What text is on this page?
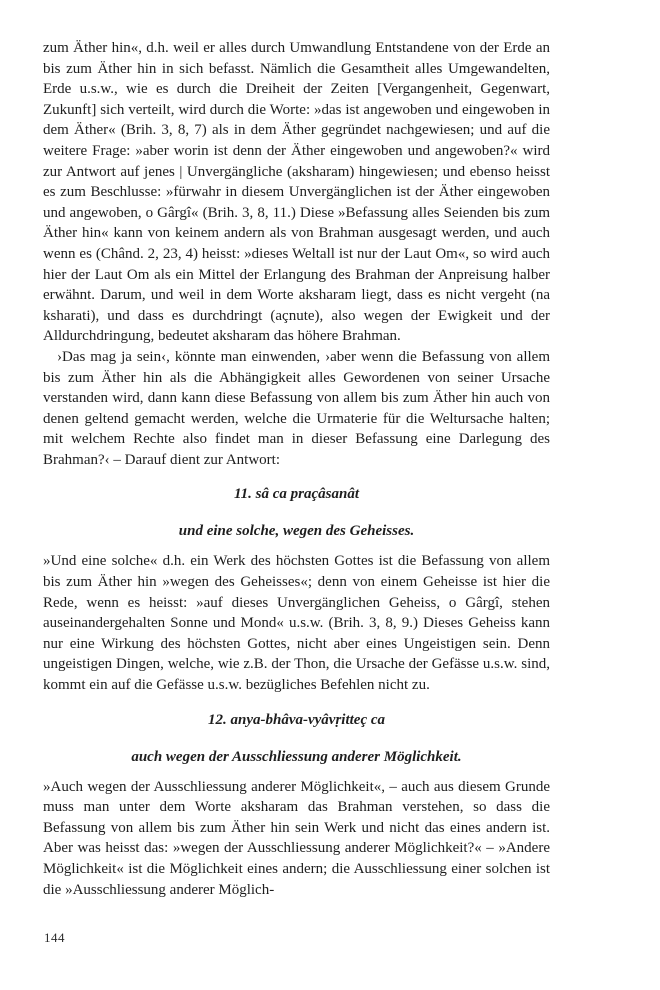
zum Äther hin«, d.h. weil er alles durch Umwandlung Entstandene von der Erde an bis zum Äther hin in sich befasst. Nämlich die Gesamtheit alles Umgewandelten, Erde u.s.w., wie es durch die Dreiheit der Zeiten [Vergangenheit, Gegenwart, Zukunft] sich verteilt, wird durch die Worte: »das ist angewoben und eingewoben in dem Äther« (Brih. 3, 8, 7) als in dem Äther gegründet nachgewiesen; und auf die weitere Frage: »aber worin ist denn der Äther eingewoben und angewoben?« wird zur Antwort auf jenes | Unvergängliche (aksharam) hingewiesen; und ebenso heisst es zum Beschlusse: »fürwahr in diesem Unvergänglichen ist der Äther eingewoben und angewoben, o Gârgî« (Brih. 3, 8, 11.) Diese »Befassung alles Seienden bis zum Äther hin« kann von keinem andern als von Brahman ausgesagt werden, und auch wenn es (Chând. 2, 23, 4) heisst: »dieses Weltall ist nur der Laut Om«, so wird auch hier der Laut Om als ein Mittel der Erlangung des Brahman der Anpreisung halber erwähnt. Darum, und weil in dem Worte aksharam liegt, dass es nicht vergeht (na ksharati), und dass es durchdringt (açnute), also wegen der Ewigkeit und der Alldurchdringung, bedeutet aksharam das höhere Brahman.

›Das mag ja sein‹, könnte man einwenden, ›aber wenn die Befassung von allem bis zum Äther hin als die Abhängigkeit alles Gewordenen von seiner Ursache verstanden wird, dann kann diese Befassung von allem bis zum Äther hin auch von denen geltend gemacht werden, welche die Urmaterie für die Weltursache halten; mit welchem Rechte also findet man in dieser Befassung eine Darlegung des Brahman?‹ – Darauf dient zur Antwort:

11. sâ ca praçâsanât
und eine solche, wegen des Geheisses.

»Und eine solche« d.h. ein Werk des höchsten Gottes ist die Befassung von allem bis zum Äther hin »wegen des Geheisses«; denn von einem Geheisse ist hier die Rede, wenn es heisst: »auf dieses Unvergänglichen Geheiss, o Gârgî, stehen auseinandergehalten Sonne und Mond« u.s.w. (Brih. 3, 8, 9.) Dieses Geheiss kann nur eine Wirkung des höchsten Gottes, nicht aber eines Ungeistigen sein. Denn ungeistigen Dingen, welche, wie z.B. der Thon, die Ursache der Gefässe u.s.w. sind, kommt ein auf die Gefässe u.s.w. bezügliches Befehlen nicht zu.

12. anya-bhâva-vyâvṛitteç ca
auch wegen der Ausschliessung anderer Möglichkeit.

»Auch wegen der Ausschliessung anderer Möglichkeit«, – auch aus diesem Grunde muss man unter dem Worte aksharam das Brahman verstehen, so dass die Befassung von allem bis zum Äther hin sein Werk und nicht das eines andern ist. Aber was heisst das: »wegen der Ausschliessung anderer Möglichkeit?« – »Andere Möglichkeit« ist die Möglichkeit eines andern; die Ausschliessung einer solchen ist die »Ausschliessung anderer Möglich-

144
